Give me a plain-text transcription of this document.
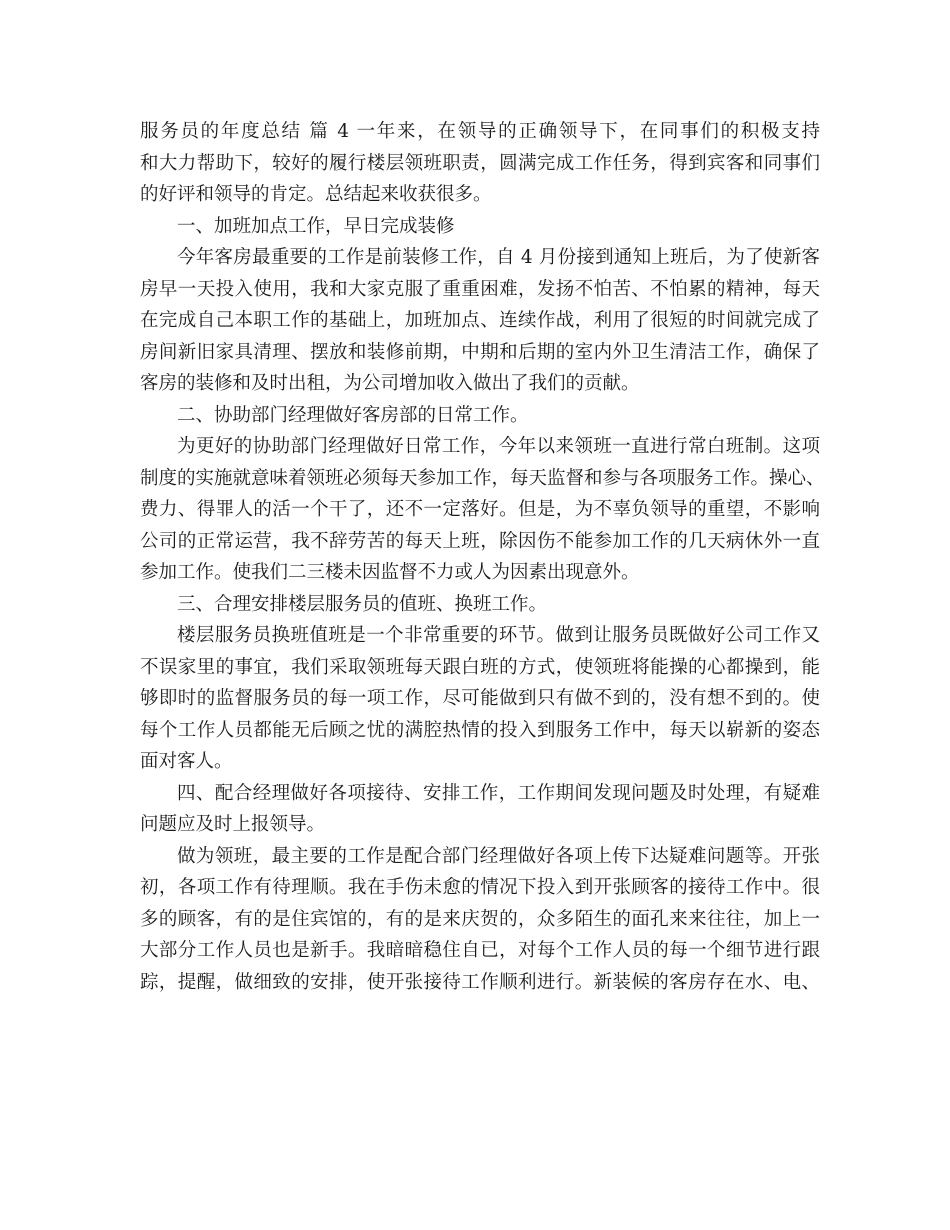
服务员的年度总结 篇 4 一年来，在领导的正确领导下，在同事们的积极支持
和大力帮助下，较好的履行楼层领班职责，圆满完成工作任务，得到宾客和同事们
的好评和领导的肯定。总结起来收获很多。
一、加班加点工作，早日完成装修
今年客房最重要的工作是前装修工作，自 4 月份接到通知上班后，为了使新客
房早一天投入使用，我和大家克服了重重困难，发扬不怕苦、不怕累的精神，每天
在完成自己本职工作的基础上，加班加点、连续作战，利用了很短的时间就完成了
房间新旧家具清理、摆放和装修前期，中期和后期的室内外卫生清洁工作，确保了
客房的装修和及时出租，为公司增加收入做出了我们的贡献。
二、协助部门经理做好客房部的日常工作。
为更好的协助部门经理做好日常工作，今年以来领班一直进行常白班制。这项
制度的实施就意味着领班必须每天参加工作，每天监督和参与各项服务工作。操心、
费力、得罪人的活一个干了，还不一定落好。但是，为不辜负领导的重望，不影响
公司的正常运营，我不辞劳苦的每天上班，除因伤不能参加工作的几天病休外一直
参加工作。使我们二三楼未因监督不力或人为因素出现意外。
三、合理安排楼层服务员的值班、换班工作。
楼层服务员换班值班是一个非常重要的环节。做到让服务员既做好公司工作又
不误家里的事宜，我们采取领班每天跟白班的方式，使领班将能操的心都操到，能
够即时的监督服务员的每一项工作，尽可能做到只有做不到的，没有想不到的。使
每个工作人员都能无后顾之忧的满腔热情的投入到服务工作中，每天以崭新的姿态
面对客人。
四、配合经理做好各项接待、安排工作，工作期间发现问题及时处理，有疑难
问题应及时上报领导。
做为领班，最主要的工作是配合部门经理做好各项上传下达疑难问题等。开张
初，各项工作有待理顺。我在手伤未愈的情况下投入到开张顾客的接待工作中。很
多的顾客，有的是住宾馆的，有的是来庆贺的，众多陌生的面孔来来往往，加上一
大部分工作人员也是新手。我暗暗稳住自已，对每个工作人员的每一个细节进行跟
踪，提醒，做细致的安排，使开张接待工作顺利进行。新装候的客房存在水、电、
